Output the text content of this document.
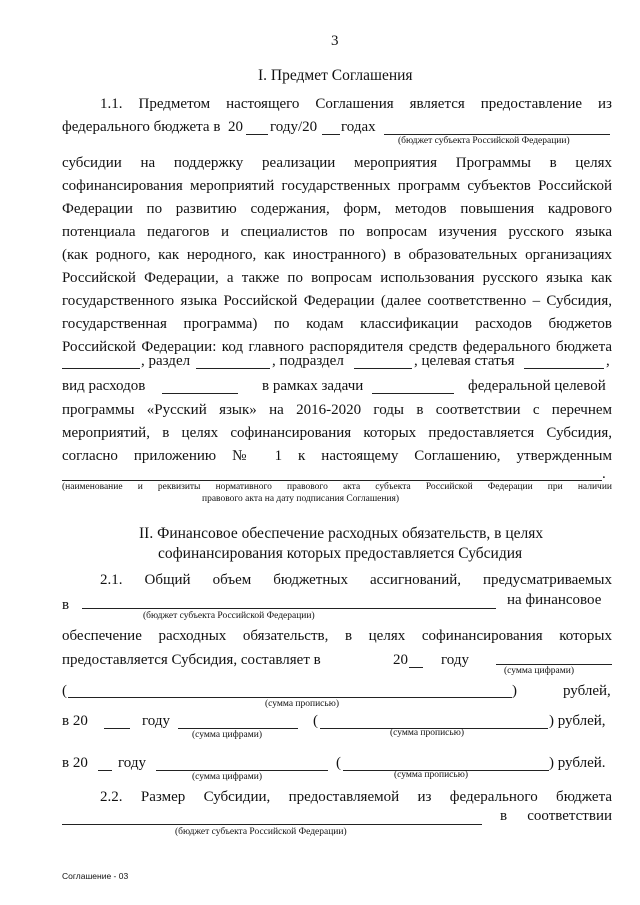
3
I. Предмет Соглашения
1.1. Предметом настоящего Соглашения является предоставление из
федерального бюджета в 20 году/20 годах
(бюджет субъекта Российской Федерации)
субсидии на поддержку реализации мероприятия Программы в целях
софинансирования мероприятий государственных программ субъектов Российской
Федерации по развитию содержания, форм, методов повышения кадрового
потенциала педагогов и специалистов по вопросам изучения русского языка
(как родного, как неродного, как иностранного) в образовательных организациях
Российской Федерации, а также по вопросам использования русского языка как
государственного языка Российской Федерации (далее соответственно – Субсидия,
государственная программа) по кодам классификации расходов бюджетов
Российской Федерации: код главного распорядителя средств федерального бюджета
, раздел	, подраздел	, целевая статья	,
вид расходов	в рамках задачи	федеральной целевой
программы «Русский язык» на 2016-2020 годы в соответствии с перечнем
мероприятий, в целях софинансирования которых предоставляется Субсидия,
согласно приложению № 1 к настоящему Соглашению, утвержденным
.
(наименование и реквизиты нормативного правового акта субъекта Российской Федерации при наличии
правового акта на дату подписания Соглашения)
II. Финансовое обеспечение расходных обязательств, в целях
софинансирования которых предоставляется Субсидия
2.1. Общий объем бюджетных ассигнований, предусматриваемых
в	на финансовое
(бюджет субъекта Российской Федерации)
обеспечение расходных обязательств, в целях софинансирования которых
предоставляется Субсидия, составляет в	20 году
(сумма цифрами)
(	)	рублей,
(сумма прописью)
в 20	году	(	) рублей,
(сумма цифрами)	(сумма прописью)
в 20 году	(	) рублей.
(сумма цифрами)	(сумма прописью)
2.2. Размер Субсидии, предоставляемой из федерального бюджета
в соответствии
(бюджет субъекта Российской Федерации)
Соглашение - 03
